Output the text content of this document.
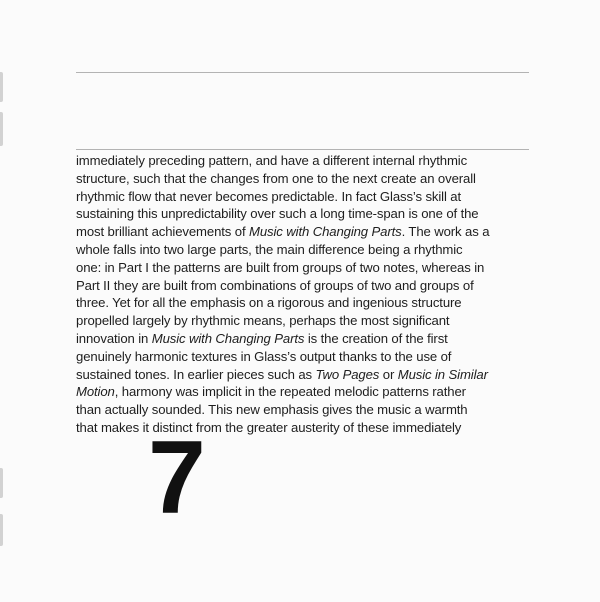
immediately preceding pattern, and have a different internal rhythmic
structure, such that the changes from one to the next create an overall
rhythmic flow that never becomes predictable. In fact Glass’s skill at
sustaining this unpredictability over such a long time-span is one of the
most brilliant achievements of Music with Changing Parts. The work as a
whole falls into two large parts, the main difference being a rhythmic
one: in Part I the patterns are built from groups of two notes, whereas in
Part II they are built from combinations of groups of two and groups of
three. Yet for all the emphasis on a rigorous and ingenious structure
propelled largely by rhythmic means, perhaps the most significant
innovation in Music with Changing Parts is the creation of the first
genuinely harmonic textures in Glass’s output thanks to the use of
sustained tones. In earlier pieces such as Two Pages or Music in Similar
Motion, harmony was implicit in the repeated melodic patterns rather
than actually sounded. This new emphasis gives the music a warmth
that makes it distinct from the greater austerity of these immediately

7
